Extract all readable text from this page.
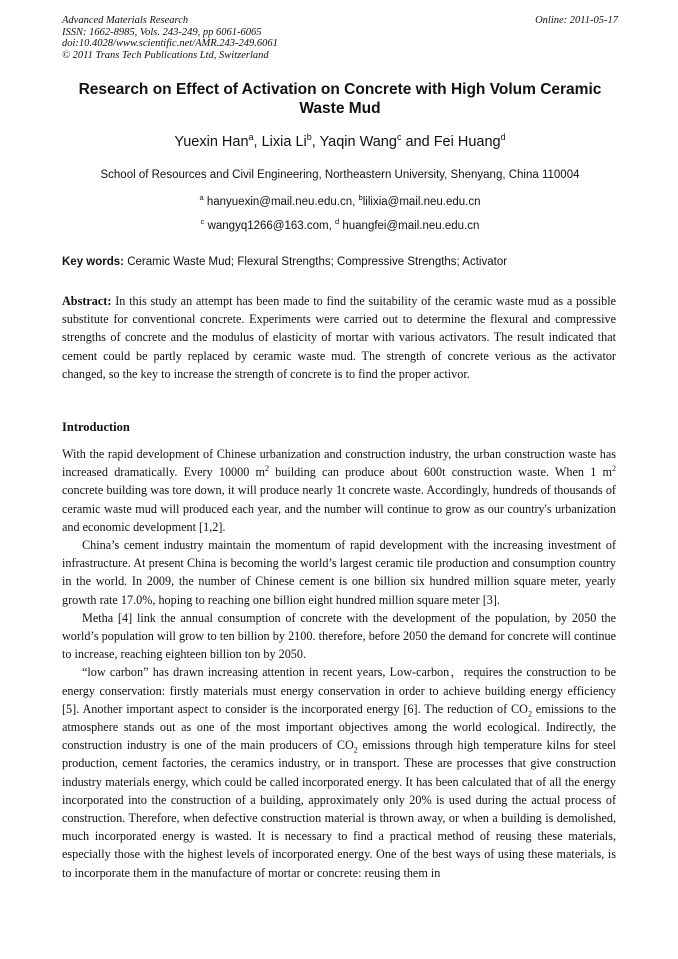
Advanced Materials Research
ISSN: 1662-8985, Vols. 243-249, pp 6061-6065
doi:10.4028/www.scientific.net/AMR.243-249.6061
© 2011 Trans Tech Publications Ltd, Switzerland
Online: 2011-05-17
Research on Effect of Activation on Concrete with High Volum Ceramic Waste Mud
Yuexin Han$^a$, Lixia Li$^b$, Yaqin Wang$^c$ and Fei Huang$^d$
School of Resources and Civil Engineering, Northeastern University, Shenyang, China 110004
$^a$ hanyuexin@mail.neu.edu.cn, $^b$lilixia@mail.neu.edu.cn
$^c$ wangyq1266@163.com, $^d$ huangfei@mail.neu.edu.cn
Key words: Ceramic Waste Mud; Flexural Strengths; Compressive Strengths; Activator
Abstract: In this study an attempt has been made to find the suitability of the ceramic waste mud as a possible substitute for conventional concrete. Experiments were carried out to determine the flexural and compressive strengths of concrete and the modulus of elasticity of mortar with various activators. The result indicated that cement could be partly replaced by ceramic waste mud. The strength of concrete verious as the activator changed, so the key to increase the strength of concrete is to find the proper activor.
Introduction

With the rapid development of Chinese urbanization and construction industry, the urban construction waste has increased dramatically. Every 10000 $m^2$ building can produce about 600t construction waste. When 1 $m^2$ concrete building was tore down, it will produce nearly 1t concrete waste. Accordingly, hundreds of thousands of ceramic waste mud will produced each year, and the number will continue to grow as our country's urbanization and economic development [1,2].

China’s cement industry maintain the momentum of rapid development with the increasing investment of infrastructure. At present China is becoming the world’s largest ceramic tile production and consumption country in the world. In 2009, the number of Chinese cement is one billion six hundred million square meter, yearly growth rate 17.0%, hoping to reaching one billion eight hundred million square meter [3].

Metha [4] link the annual consumption of concrete with the development of the population, by 2050 the world’s population will grow to ten billion by 2100. therefore, before 2050 the demand for concrete will continue to increase, reaching eighteen billion ton by 2050.

“low carbon” has drawn increasing attention in recent years, Low-carbon，requires the construction to be energy conservation: firstly materials must energy conservation in order to achieve building energy efficiency [5]. Another important aspect to consider is the incorporated energy [6]. The reduction of $CO_2$ emissions to the atmosphere stands out as one of the most important objectives among the world ecological. Indirectly, the construction industry is one of the main producers of $CO_2$ emissions through high temperature kilns for steel production, cement factories, the ceramics industry, or in transport. These are processes that give construction industry materials energy, which could be called incorporated energy. It has been calculated that of all the energy incorporated into the construction of a building, approximately only 20% is used during the actual process of construction. Therefore, when defective construction material is thrown away, or when a building is demolished, much incorporated energy is wasted. It is necessary to find a practical method of reusing these materials, especially those with the highest levels of incorporated energy. One of the best ways of using these materials, is to incorporate them in the manufacture of mortar or concrete: reusing them in
